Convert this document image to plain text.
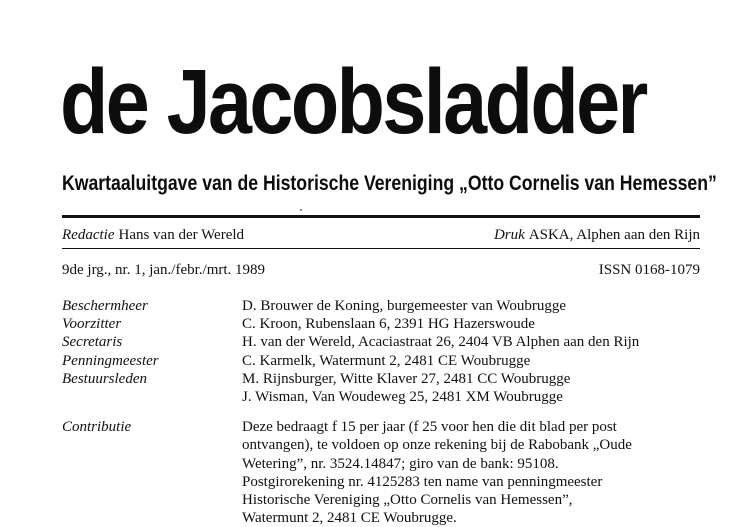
de Jacobsladder
Kwartaaluitgave van de Historische Vereniging „Otto Cornelis van Hemessen”
Redactie Hans van der Wereld	Druk ASKA, Alphen aan den Rijn
9de jrg., nr. 1, jan./febr./mrt. 1989	ISSN 0168-1079
Beschermheer	D. Brouwer de Koning, burgemeester van Woubrugge
Voorzitter	C. Kroon, Rubenslaan 6, 2391 HG Hazerswoude
Secretaris	H. van der Wereld, Acaciastraat 26, 2404 VB Alphen aan den Rijn
Penningmeester	C. Karmelk, Watermunt 2, 2481 CE Woubrugge
Bestuursleden	M. Rijnsburger, Witte Klaver 27, 2481 CC Woubrugge
J. Wisman, Van Woudeweg 25, 2481 XM Woubrugge
Contributie	Deze bedraagt f 15 per jaar (f 25 voor hen die dit blad per post
ontvangen), te voldoen op onze rekening bij de Rabobank „Oude
Wetering”, nr. 3524.14847; giro van de bank: 95108.
Postgirorekening nr. 4125283 ten name van penningmeester
Historische Vereniging „Otto Cornelis van Hemessen”,
Watermunt 2, 2481 CE Woubrugge.
